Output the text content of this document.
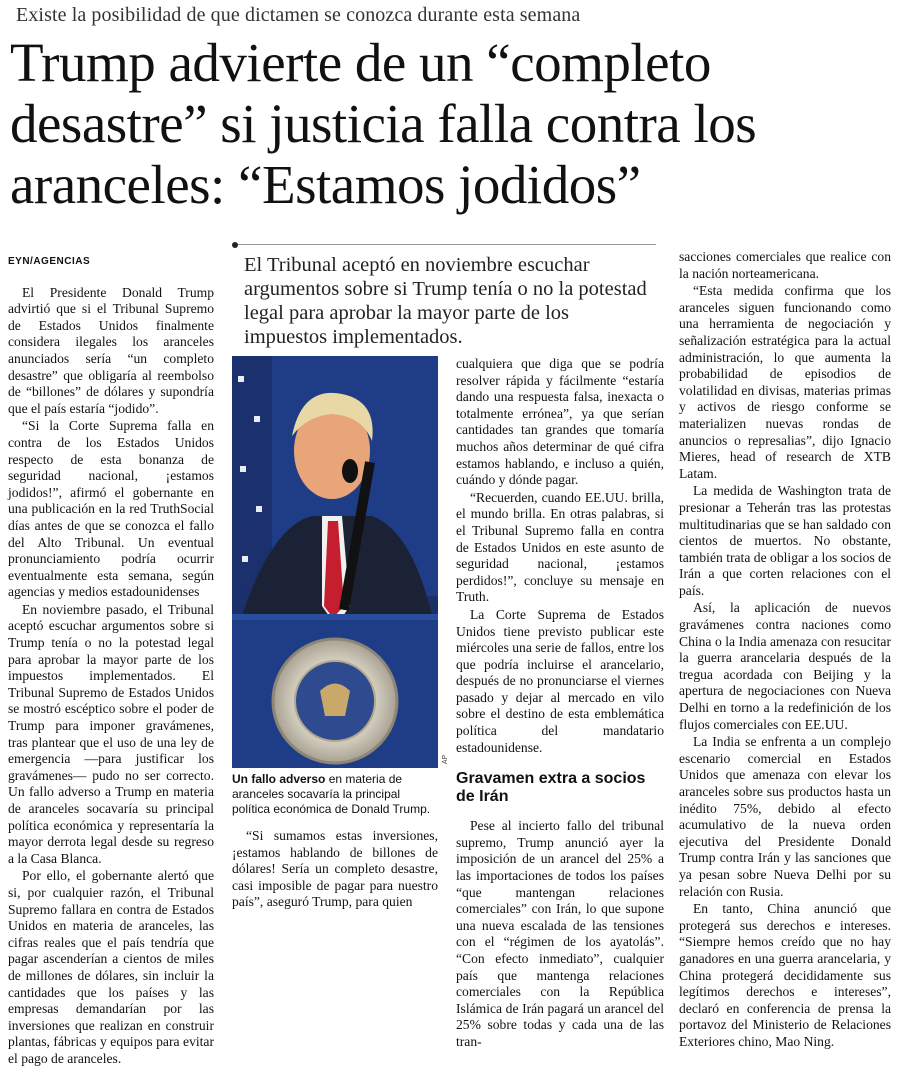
Existe la posibilidad de que dictamen se conozca durante esta semana
Trump advierte de un “completo desastre” si justicia falla contra los aranceles: “Estamos jodidos”
EYN/AGENCIAS

El Presidente Donald Trump advirtió que si el Tribunal Supremo de Estados Unidos finalmente considera ilegales los aranceles anunciados sería “un completo desastre” que obligaría al reembolso de “billones” de dólares y supondría que el país estaría “jodido”.

“Si la Corte Suprema falla en contra de los Estados Unidos respecto de esta bonanza de seguridad nacional, ¡estamos jodidos!”, afirmó el gobernante en una publicación en la red TruthSocial días antes de que se conozca el fallo del Alto Tribunal. Un eventual pronunciamiento podría ocurrir eventualmente esta semana, según agencias y medios estadounidenses

En noviembre pasado, el Tribunal aceptó escuchar argumentos sobre si Trump tenía o no la potestad legal para aprobar la mayor parte de los impuestos implementados. El Tribunal Supremo de Estados Unidos se mostró escéptico sobre el poder de Trump para imponer gravámenes, tras plantear que el uso de una ley de emergencia —para justificar los gravámenes— pudo no ser correcto. Un fallo adverso a Trump en materia de aranceles socavaría su principal política económica y representaría la mayor derrota legal desde su regreso a la Casa Blanca.

Por ello, el gobernante alertó que si, por cualquier razón, el Tribunal Supremo fallara en contra de Estados Unidos en materia de aranceles, las cifras reales que el país tendría que pagar ascenderían a cientos de miles de millones de dólares, sin incluir la cantidades que los países y las empresas demandarían por las inversiones que realizan en construir plantas, fábricas y equipos para evitar el pago de aranceles.

El Tribunal aceptó en noviembre escuchar argumentos sobre si Trump tenía o no la potestad legal para aprobar la mayor parte de los impuestos implementados.
AP
Un fallo adverso en materia de aranceles socavaría la principal política económica de Donald Trump.

“Si sumamos estas inversiones, ¡estamos hablando de billones de dólares! Sería un completo desastre, casi imposible de pagar para nuestro país”, aseguró Trump, para quien

cualquiera que diga que se podría resolver rápida y fácilmente “estaría dando una respuesta falsa, inexacta o totalmente errónea”, ya que serían cantidades tan grandes que tomaría muchos años determinar de qué cifra estamos hablando, e incluso a quién, cuándo y dónde pagar.

“Recuerden, cuando EE.UU. brilla, el mundo brilla. En otras palabras, si el Tribunal Supremo falla en contra de Estados Unidos en este asunto de seguridad nacional, ¡estamos perdidos!”, concluye su mensaje en Truth.

La Corte Suprema de Estados Unidos tiene previsto publicar este miércoles una serie de fallos, entre los que podría incluirse el arancelario, después de no pronunciarse el viernes pasado y dejar al mercado en vilo sobre el destino de esta emblemática política del mandatario estadounidense.

Gravamen extra a socios de Irán

Pese al incierto fallo del tribunal supremo, Trump anunció ayer la imposición de un arancel del 25% a las importaciones de todos los países “que mantengan relaciones comerciales” con Irán, lo que supone una nueva escalada de las tensiones con el “régimen de los ayatolás”. “Con efecto inmediato”, cualquier país que mantenga relaciones comerciales con la República Islámica de Irán pagará un arancel del 25% sobre todas y cada una de las tran-

sacciones comerciales que realice con la nación norteamericana.

“Esta medida confirma que los aranceles siguen funcionando como una herramienta de negociación y señalización estratégica para la actual administración, lo que aumenta la probabilidad de episodios de volatilidad en divisas, materias primas y activos de riesgo conforme se materializen nuevas rondas de anuncios o represalias”, dijo Ignacio Mieres, head of research de XTB Latam.

La medida de Washington trata de presionar a Teherán tras las protestas multitudinarias que se han saldado con cientos de muertos. No obstante, también trata de obligar a los socios de Irán a que corten relaciones con el país.

Así, la aplicación de nuevos gravámenes contra naciones como China o la India amenaza con resucitar la guerra arancelaria después de la tregua acordada con Beijing y la apertura de negociaciones con Nueva Delhi en torno a la redefinición de los flujos comerciales con EE.UU.

La India se enfrenta a un complejo escenario comercial en Estados Unidos que amenaza con elevar los aranceles sobre sus productos hasta un inédito 75%, debido al efecto acumulativo de la nueva orden ejecutiva del Presidente Donald Trump contra Irán y las sanciones que ya pesan sobre Nueva Delhi por su relación con Rusia.

En tanto, China anunció que protegerá sus derechos e intereses. “Siempre hemos creído que no hay ganadores en una guerra arancelaria, y China protegerá decididamente sus legítimos derechos e intereses”, declaró en conferencia de prensa la portavoz del Ministerio de Relaciones Exteriores chino, Mao Ning.
